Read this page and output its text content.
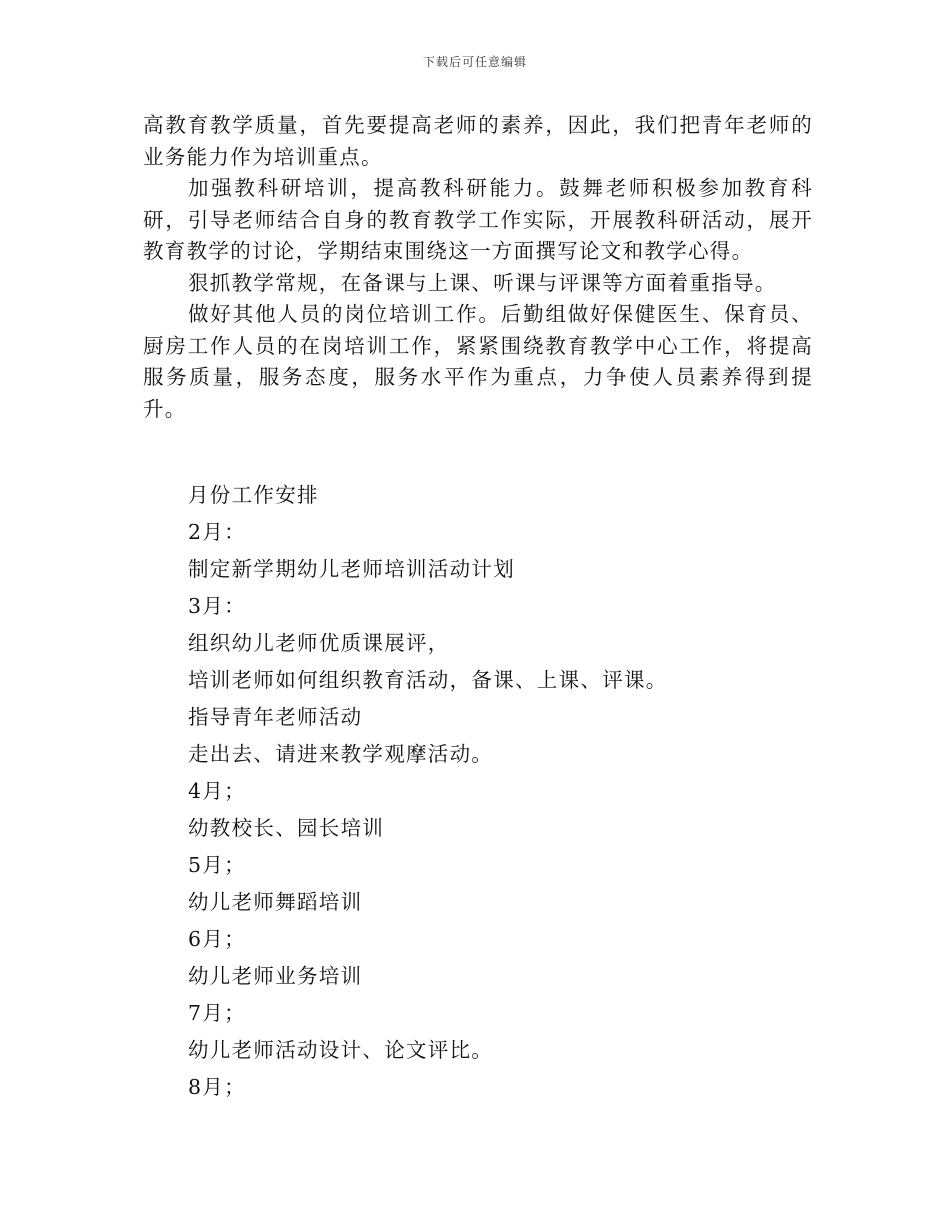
下载后可任意编辑

高教育教学质量，首先要提高老师的素养，因此，我们把青年老师的业务能力作为培训重点。

加强教科研培训，提高教科研能力。鼓舞老师积极参加教育科研，引导老师结合自身的教育教学工作实际，开展教科研活动，展开教育教学的讨论，学期结束围绕这一方面撰写论文和教学心得。

狠抓教学常规，在备课与上课、听课与评课等方面着重指导。

做好其他人员的岗位培训工作。后勤组做好保健医生、保育员、厨房工作人员的在岗培训工作，紧紧围绕教育教学中心工作，将提高服务质量，服务态度，服务水平作为重点，力争使人员素养得到提升。

月份工作安排
2月：
制定新学期幼儿老师培训活动计划
3月：
组织幼儿老师优质课展评，
培训老师如何组织教育活动，备课、上课、评课。
指导青年老师活动
走出去、请进来教学观摩活动。
4月；
幼教校长、园长培训
5月；
幼儿老师舞蹈培训
6月；
幼儿老师业务培训
7月；
幼儿老师活动设计、论文评比。
8月；
